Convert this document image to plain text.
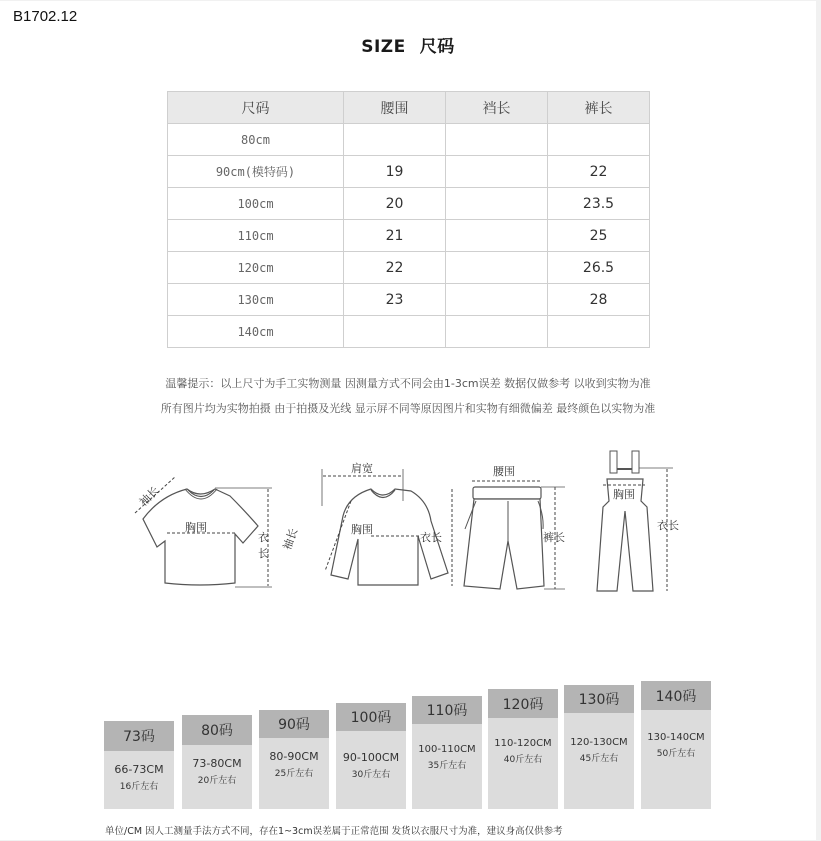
B1702.12
SIZE 尺码
尺码	腰围	裆长	裤长
80cm			
90cm(模特码)	19		22
100cm	20		23.5
110cm	21		25
120cm	22		26.5
130cm	23		28
140cm			
温馨提示：以上尺寸为手工实物测量 因测量方式不同会由1-3cm误差 数据仅做参考 以收到实物为准
所有图片均为实物拍摄 由于拍摄及光线 显示屏不同等原因图片和实物有细微偏差 最终颜色以实物为准
袖长
胸围
衣长
肩宽
袖长	胸围
衣长
腰围
裤长
胸围
衣长
73码
66-73CM
16斤左右
80码
73-80CM
20斤左右
90码
80-90CM
25斤左右
100码
90-100CM
30斤左右
110码
100-110CM
35斤左右
120码
110-120CM
40斤左右
130码
120-130CM
45斤左右
140码
130-140CM
50斤左右
单位/CM 因人工测量手法方式不同，存在1~3cm误差属于正常范围 发货以衣服尺寸为准，建议身高仅供参考
